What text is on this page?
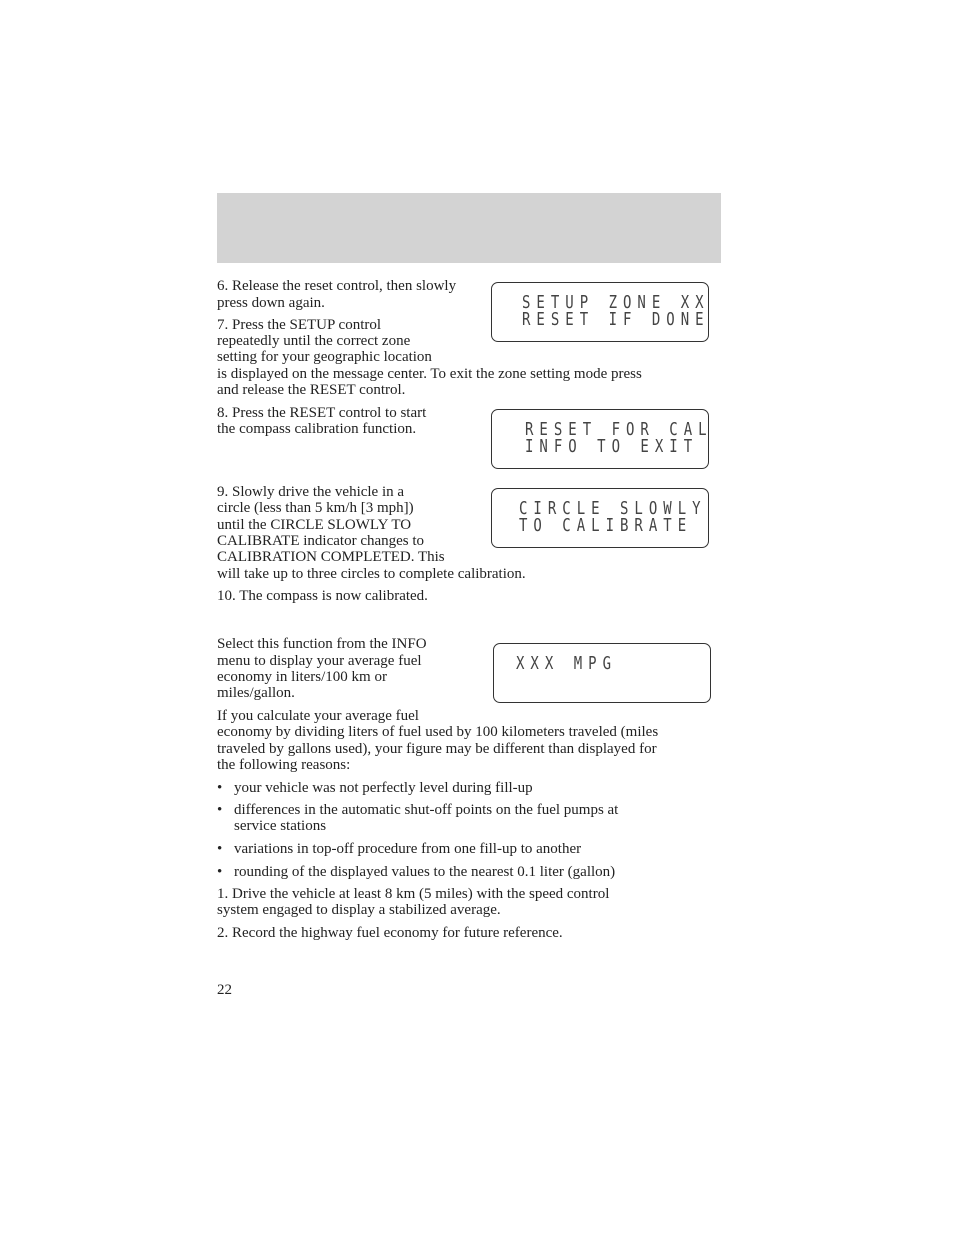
6. Release the reset control, then slowly press down again.	SETUP ZONE XX
RESET IF DONE
7. Press the SETUP control
repeatedly until the correct zone
setting for your geographic location
is displayed on the message center. To exit the zone setting mode press
and release the RESET control.
8. Press the RESET control to start
the compass calibration function.	RESET FOR CAL
INFO TO EXIT
9. Slowly drive the vehicle in a
circle (less than 5 km/h [3 mph])
until the CIRCLE SLOWLY TO
CALIBRATE indicator changes to
CALIBRATION COMPLETED. This
will take up to three circles to complete calibration.
CIRCLE SLOWLY
TO CALIBRATE
10. The compass is now calibrated.
Select this function from the INFO
menu to display your average fuel
economy in liters/100 km or
miles/gallon.
XXX MPG
If you calculate your average fuel
economy by dividing liters of fuel used by 100 kilometers traveled (miles
traveled by gallons used), your figure may be different than displayed for
the following reasons:
• your vehicle was not perfectly level during fill-up
• differences in the automatic shut-off points on the fuel pumps at
service stations
• variations in top-off procedure from one fill-up to another
• rounding of the displayed values to the nearest 0.1 liter (gallon)
1. Drive the vehicle at least 8 km (5 miles) with the speed control
system engaged to display a stabilized average.
2. Record the highway fuel economy for future reference.
22
